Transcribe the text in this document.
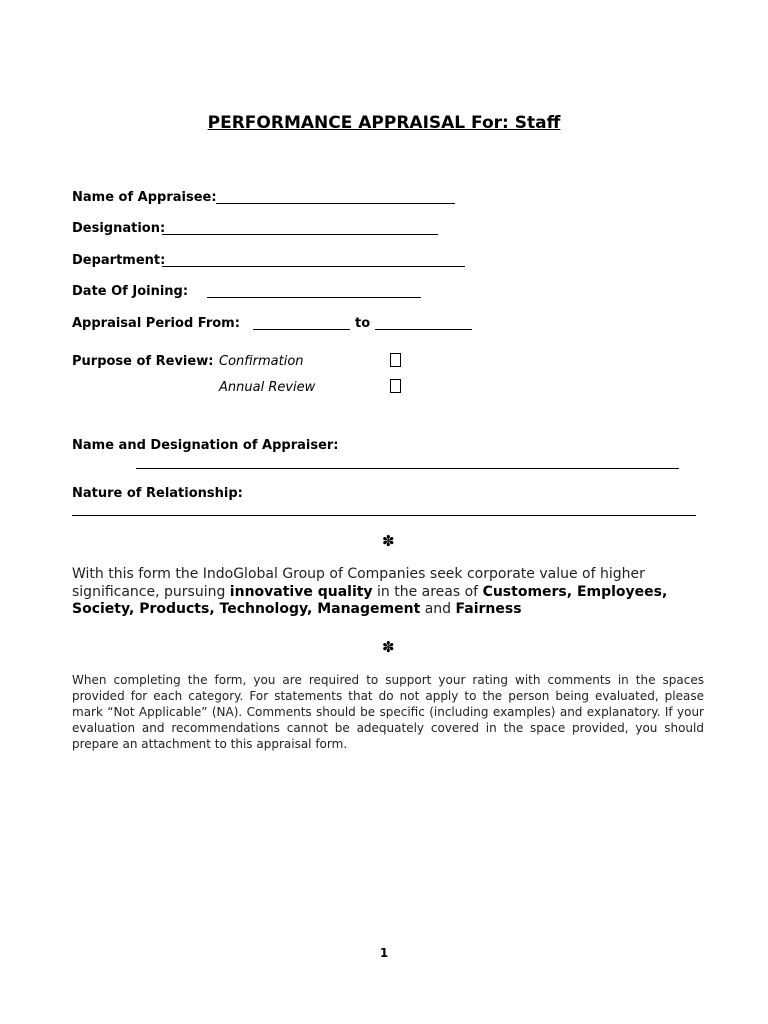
PERFORMANCE APPRAISAL For: Staff
Name of Appraisee:
Designation:
Department:
Date Of Joining:
Appraisal Period From:	to
Purpose of Review: Confirmation
Annual Review
Name and Designation of Appraiser:
Nature of Relationship:
✽
With this form the IndoGlobal Group of Companies seek corporate value of higher significance, pursuing innovative quality in the areas of Customers, Employees, Society, Products, Technology, Management and Fairness
✽
When completing the form, you are required to support your rating with comments in the spaces provided for each category. For statements that do not apply to the person being evaluated, please mark “Not Applicable” (NA). Comments should be specific (including examples) and explanatory. If your evaluation and recommendations cannot be adequately covered in the space provided, you should prepare an attachment to this appraisal form.
1
